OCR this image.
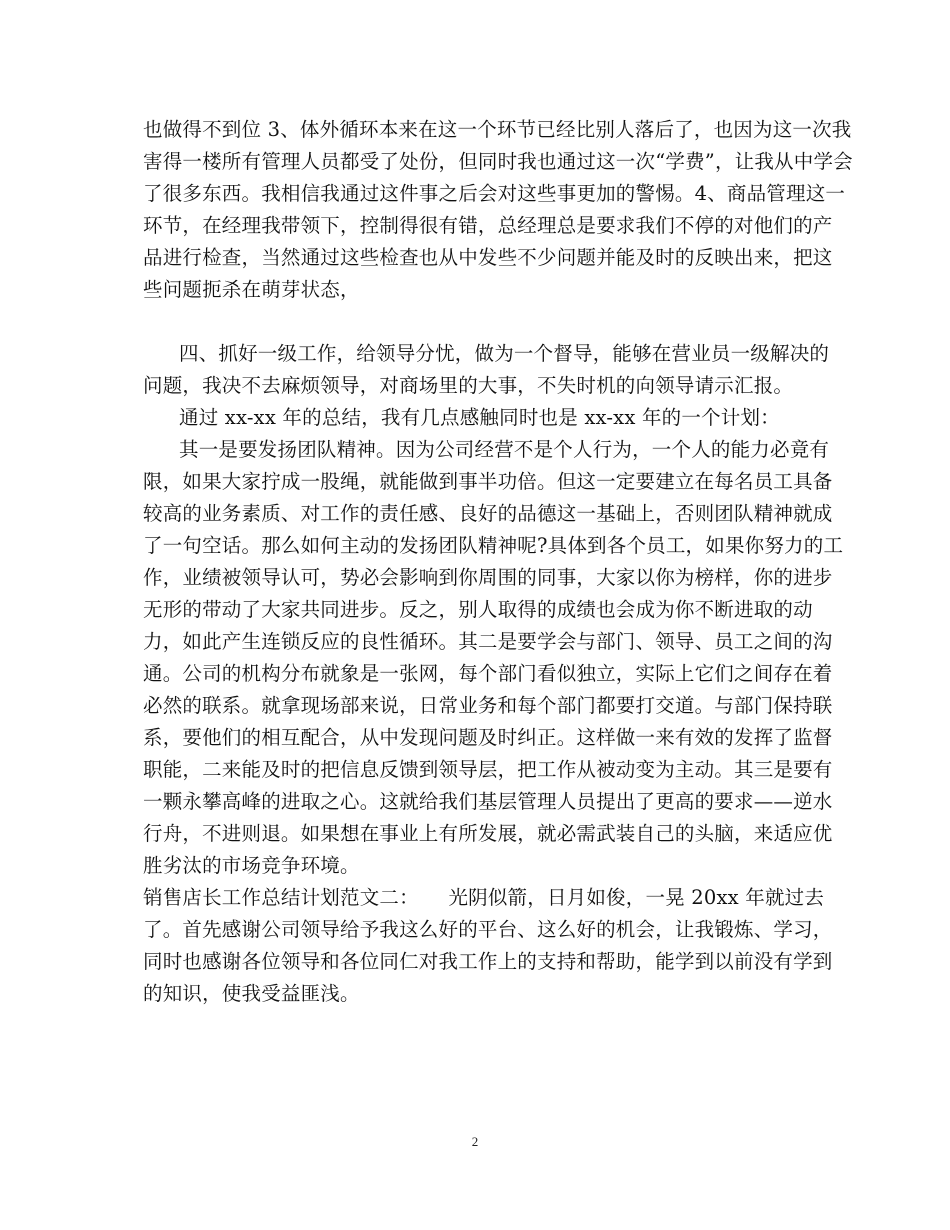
也做得不到位 3、体外循环本来在这一个环节已经比别人落后了，也因为这一次我
害得一楼所有管理人员都受了处份，但同时我也通过这一次“学费”，让我从中学会
了很多东西。我相信我通过这件事之后会对这些事更加的警惕。4、商品管理这一
环节，在经理我带领下，控制得很有错，总经理总是要求我们不停的对他们的产
品进行检查，当然通过这些检查也从中发些不少问题并能及时的反映出来，把这
些问题扼杀在萌芽状态，
四、抓好一级工作，给领导分忧，做为一个督导，能够在营业员一级解决的
问题，我决不去麻烦领导，对商场里的大事，不失时机的向领导请示汇报。
通过 xx-xx 年的总结，我有几点感触同时也是 xx-xx 年的一个计划：
其一是要发扬团队精神。因为公司经营不是个人行为，一个人的能力必竟有
限，如果大家拧成一股绳，就能做到事半功倍。但这一定要建立在每名员工具备
较高的业务素质、对工作的责任感、良好的品德这一基础上，否则团队精神就成
了一句空话。那么如何主动的发扬团队精神呢?具体到各个员工，如果你努力的工
作，业绩被领导认可，势必会影响到你周围的同事，大家以你为榜样，你的进步
无形的带动了大家共同进步。反之，别人取得的成绩也会成为你不断进取的动
力，如此产生连锁反应的良性循环。其二是要学会与部门、领导、员工之间的沟
通。公司的机构分布就象是一张网，每个部门看似独立，实际上它们之间存在着
必然的联系。就拿现场部来说，日常业务和每个部门都要打交道。与部门保持联
系，要他们的相互配合，从中发现问题及时纠正。这样做一来有效的发挥了监督
职能，二来能及时的把信息反馈到领导层，把工作从被动变为主动。其三是要有
一颗永攀高峰的进取之心。这就给我们基层管理人员提出了更高的要求——逆水
行舟，不进则退。如果想在事业上有所发展，就必需武装自己的头脑，来适应优
胜劣汰的市场竞争环境。
销售店长工作总结计划范文二：　　光阴似箭，日月如俊，一晃 20xx 年就过去
了。首先感谢公司领导给予我这么好的平台、这么好的机会，让我锻炼、学习，
同时也感谢各位领导和各位同仁对我工作上的支持和帮助，能学到以前没有学到
的知识，使我受益匪浅。
2
